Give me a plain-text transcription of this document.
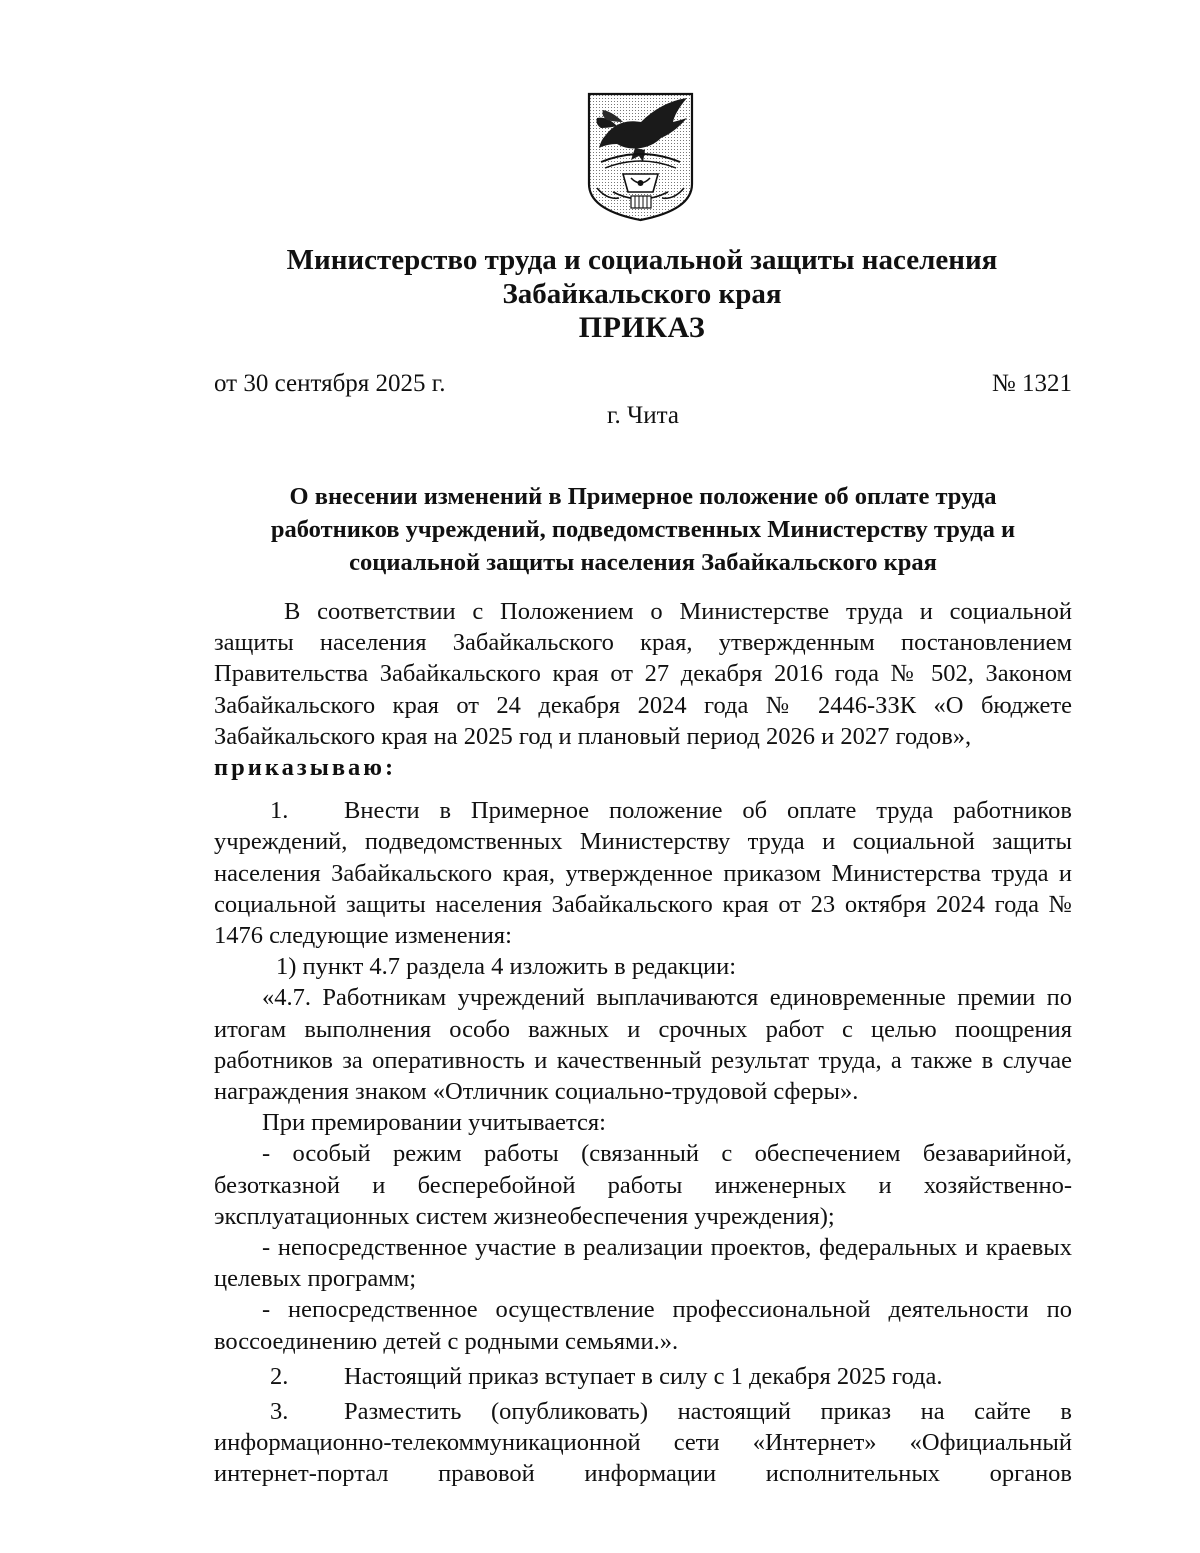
Министерство труда и социальной защиты населения
Забайкальского края
ПРИКАЗ
от 30 сентября 2025 г.	№ 1321
г. Чита
О внесении изменений в Примерное положение об оплате труда
работников учреждений, подведомственных Министерству труда и
социальной защиты населения Забайкальского края

В соответствии с Положением о Министерстве труда и социальной защиты населения Забайкальского края, утвержденным постановлением Правительства Забайкальского края от 27 декабря 2016 года № 502, Законом Забайкальского края от 24 декабря 2024 года № 2446-ЗЗК «О бюджете Забайкальского края на 2025 год и плановый период 2026 и 2027 годов»,
приказываю:

1. Внести в Примерное положение об оплате труда работников учреждений, подведомственных Министерству труда и социальной защиты населения Забайкальского края, утвержденное приказом Министерства труда и социальной защиты населения Забайкальского края от 23 октября 2024 года № 1476 следующие изменения:

1) пункт 4.7 раздела 4 изложить в редакции:

«4.7. Работникам учреждений выплачиваются единовременные премии по итогам выполнения особо важных и срочных работ с целью поощрения работников за оперативность и качественный результат труда, а также в случае награждения знаком «Отличник социально-трудовой сферы».

При премировании учитывается:

- особый режим работы (связанный с обеспечением безаварийной, безотказной и бесперебойной работы инженерных и хозяйственно-эксплуатационных систем жизнеобеспечения учреждения);

- непосредственное участие в реализации проектов, федеральных и краевых целевых программ;

- непосредственное осуществление профессиональной деятельности по воссоединению детей с родными семьями.».

2. Настоящий приказ вступает в силу с 1 декабря 2025 года.

3. Разместить (опубликовать) настоящий приказ на сайте в информационно-телекоммуникационной сети «Интернет» «Официальный интернет-портал правовой информации исполнительных органов
